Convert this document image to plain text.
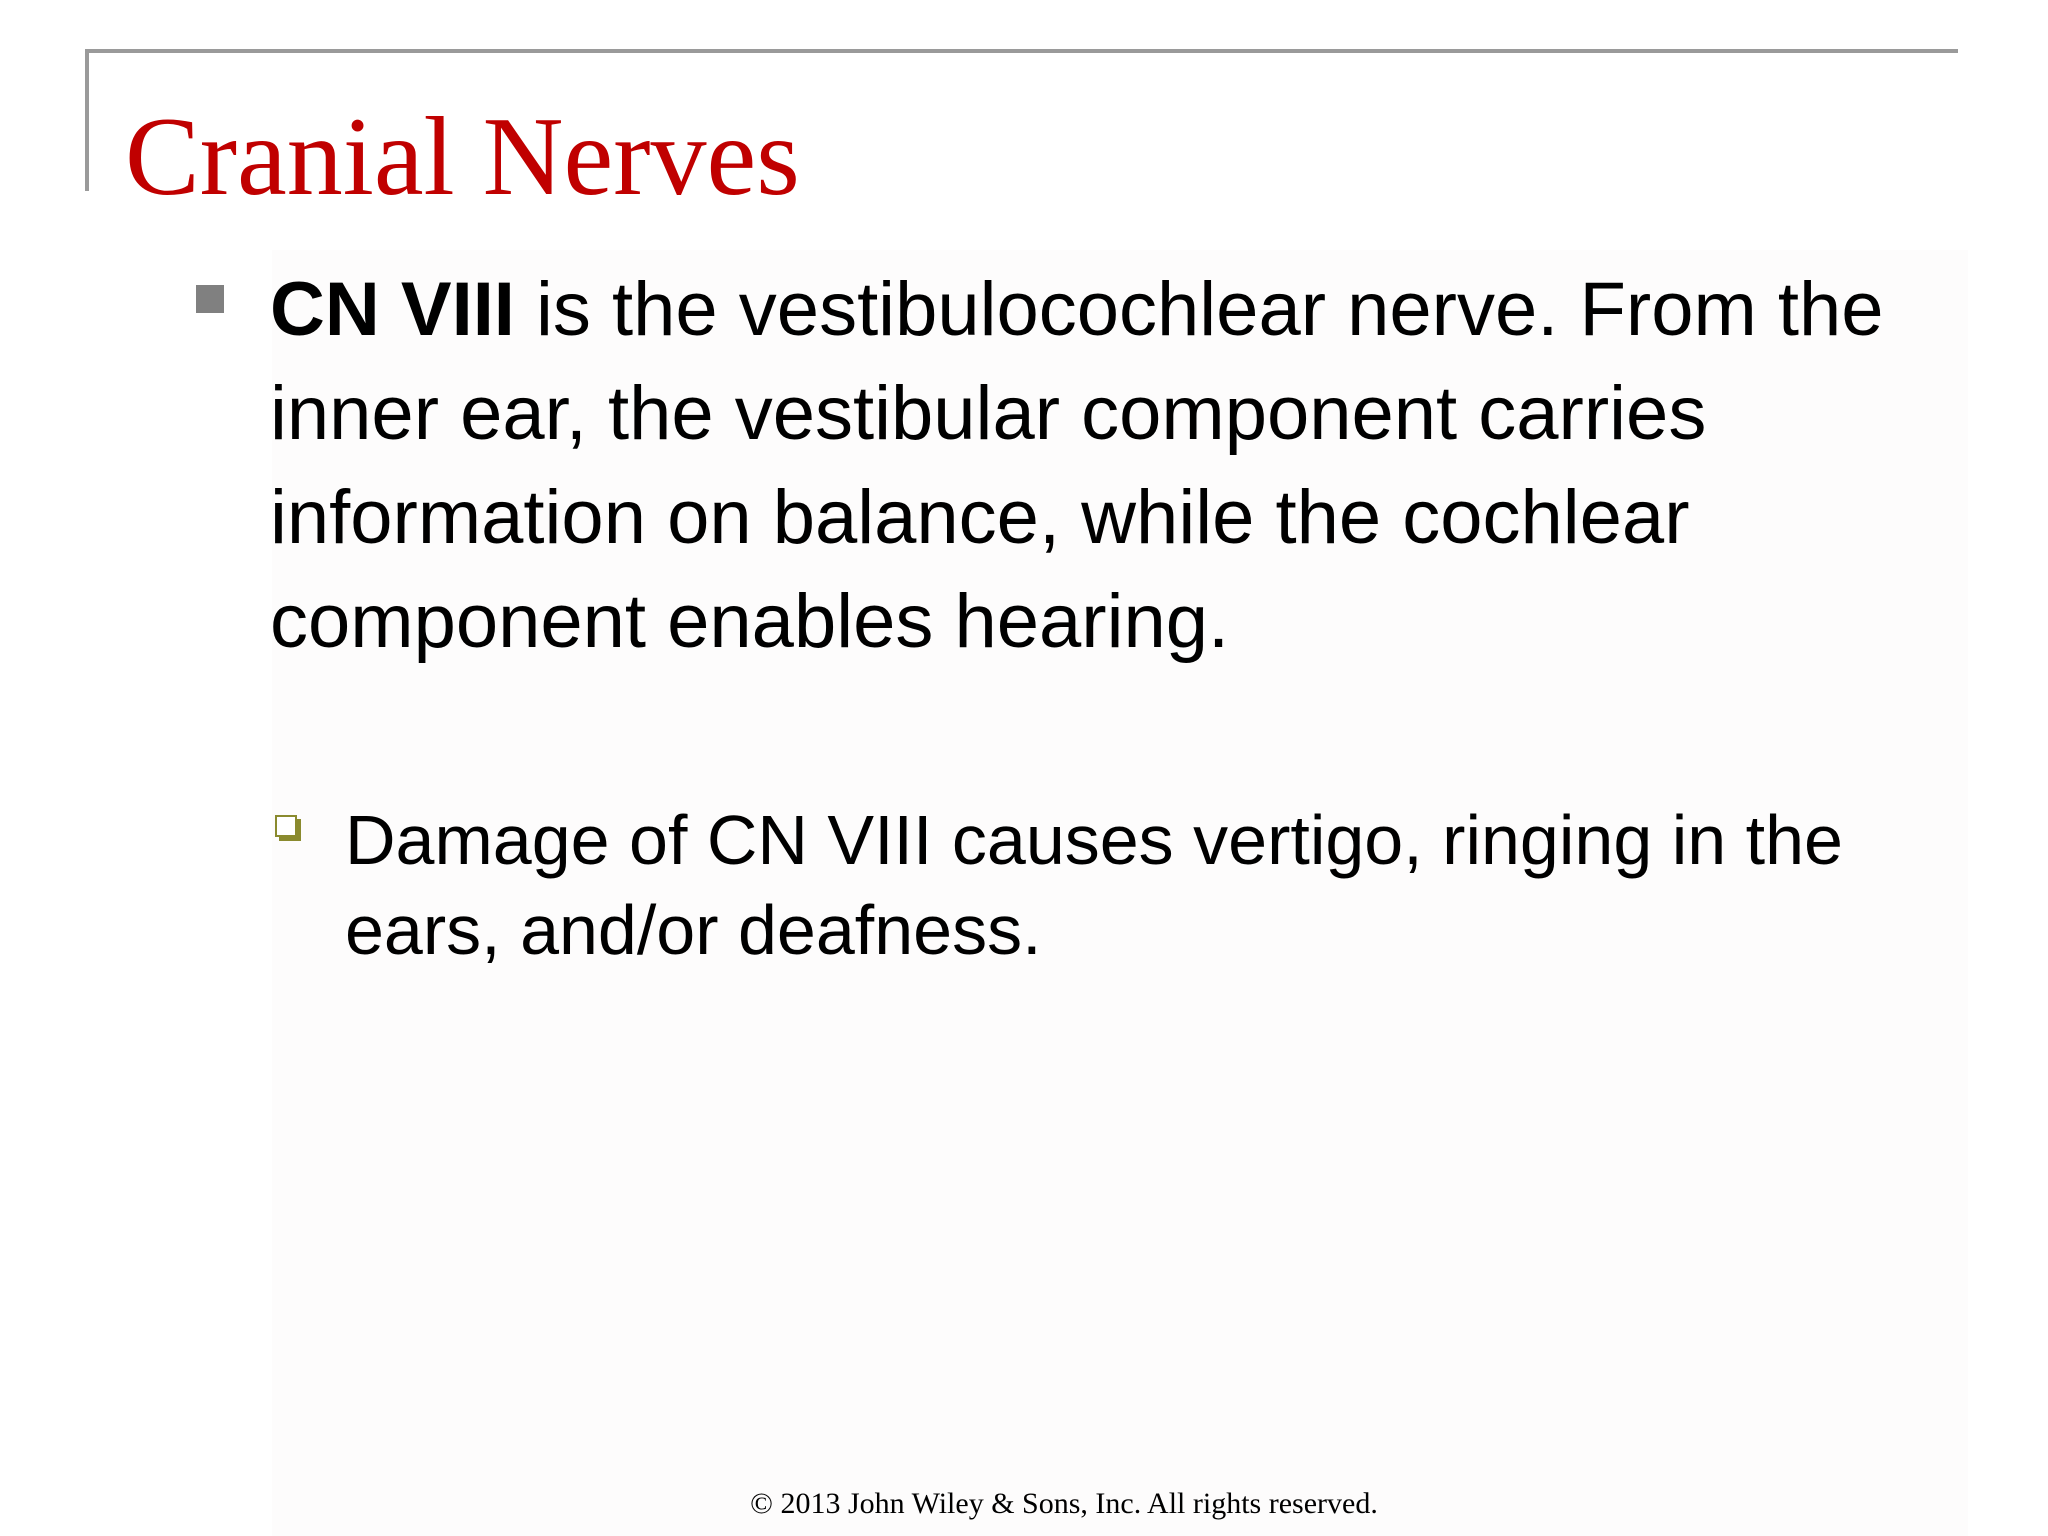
Cranial Nerves

CN VIII is the vestibulocochlear nerve. From the inner ear, the vestibular component carries information on balance, while the cochlear component enables hearing.

Damage of CN VIII causes vertigo, ringing in the ears, and/or deafness.

© 2013 John Wiley & Sons, Inc. All rights reserved.
